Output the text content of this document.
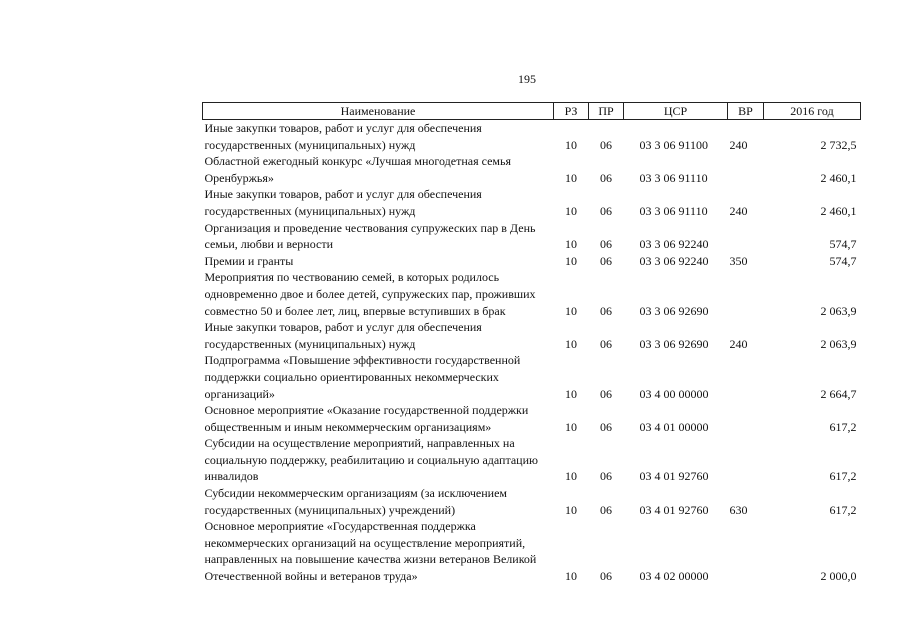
195
Наименование	РЗ	ПР	ЦСР	ВР	2016 год
Иные закупки товаров, работ и услуг для обеспечения государственных (муниципальных) нужд	10	06	03 3 06 91100	240	2 732,5
Областной ежегодный конкурс «Лучшая многодетная семья Оренбуржья»	10	06	03 3 06 91110		2 460,1
Иные закупки товаров, работ и услуг для обеспечения государственных (муниципальных) нужд	10	06	03 3 06 91110	240	2 460,1
Организация и проведение чествования супружеских пар в День семьи, любви и верности	10	06	03 3 06 92240		574,7
Премии и гранты	10	06	03 3 06 92240	350	574,7
Мероприятия по чествованию семей, в которых родилось одновременно двое и более детей, супружеских пар, проживших совместно 50 и более лет, лиц, впервые вступивших в брак	10	06	03 3 06 92690		2 063,9
Иные закупки товаров, работ и услуг для обеспечения государственных (муниципальных) нужд	10	06	03 3 06 92690	240	2 063,9
Подпрограмма «Повышение эффективности государственной поддержки социально ориентированных некоммерческих организаций»	10	06	03 4 00 00000		2 664,7
Основное мероприятие «Оказание государственной поддержки общественным и иным некоммерческим организациям»	10	06	03 4 01 00000		617,2
Субсидии на осуществление мероприятий, направленных на социальную поддержку, реабилитацию и социальную адаптацию инвалидов	10	06	03 4 01 92760		617,2
Субсидии некоммерческим организациям (за исключением государственных (муниципальных) учреждений)	10	06	03 4 01 92760	630	617,2
Основное мероприятие «Государственная поддержка некоммерческих организаций на осуществление мероприятий, направленных на повышение качества жизни ветеранов Великой Отечественной войны и ветеранов труда»	10	06	03 4 02 00000		2 000,0
